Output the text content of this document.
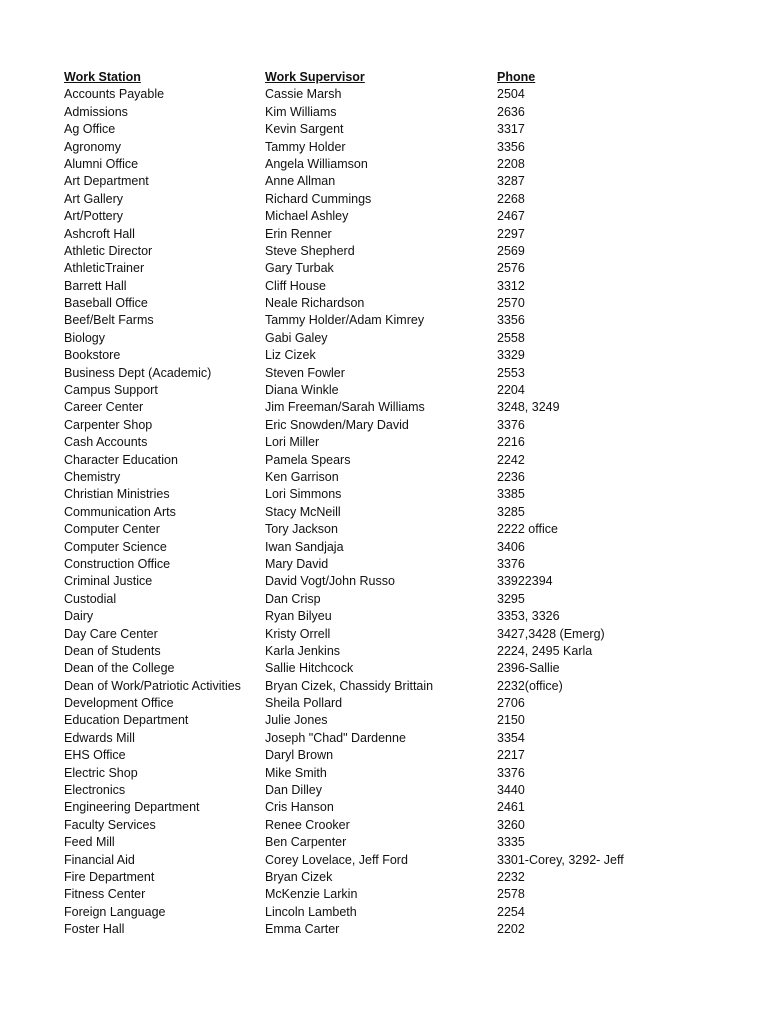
Work Station	Work Supervisor	Phone
Accounts Payable	Cassie Marsh	2504
Admissions	Kim Williams	2636
Ag Office	Kevin Sargent	3317
Agronomy	Tammy Holder	3356
Alumni Office	Angela Williamson	2208
Art Department	Anne Allman	3287
Art Gallery	Richard Cummings	2268
Art/Pottery	Michael Ashley	2467
Ashcroft Hall	Erin Renner	2297
Athletic Director	Steve Shepherd	2569
AthleticTrainer	Gary Turbak	2576
Barrett Hall	Cliff House	3312
Baseball Office	Neale Richardson	2570
Beef/Belt Farms	Tammy Holder/Adam Kimrey	3356
Biology	Gabi Galey	2558
Bookstore	Liz Cizek	3329
Business Dept (Academic)	Steven Fowler	2553
Campus Support	Diana Winkle	2204
Career Center	Jim Freeman/Sarah Williams	3248, 3249
Carpenter Shop	Eric Snowden/Mary David	3376
Cash Accounts	Lori Miller	2216
Character Education	Pamela Spears	2242
Chemistry	Ken Garrison	2236
Christian Ministries	Lori Simmons	3385
Communication Arts	Stacy McNeill	3285
Computer Center	Tory Jackson	2222 office
Computer Science	Iwan Sandjaja	3406
Construction Office	Mary David	3376
Criminal Justice	David Vogt/John Russo	33922394
Custodial	Dan Crisp	3295
Dairy	Ryan Bilyeu	3353, 3326
Day Care Center	Kristy Orrell	3427,3428 (Emerg)
Dean of Students	Karla Jenkins	2224, 2495 Karla
Dean of the College	Sallie Hitchcock	2396-Sallie
Dean of Work/Patriotic Activities	Bryan Cizek, Chassidy Brittain	2232(office)
Development Office	Sheila Pollard	2706
Education Department	Julie Jones	2150
Edwards Mill	Joseph "Chad" Dardenne	3354
EHS Office	Daryl Brown	2217
Electric Shop	Mike Smith	3376
Electronics	Dan Dilley	3440
Engineering Department	Cris Hanson	2461
Faculty Services	Renee Crooker	3260
Feed Mill	Ben Carpenter	3335
Financial Aid	Corey Lovelace, Jeff Ford	3301-Corey, 3292- Jeff
Fire Department	Bryan Cizek	2232
Fitness Center	McKenzie Larkin	2578
Foreign Language	Lincoln Lambeth	2254
Foster Hall	Emma Carter	2202
